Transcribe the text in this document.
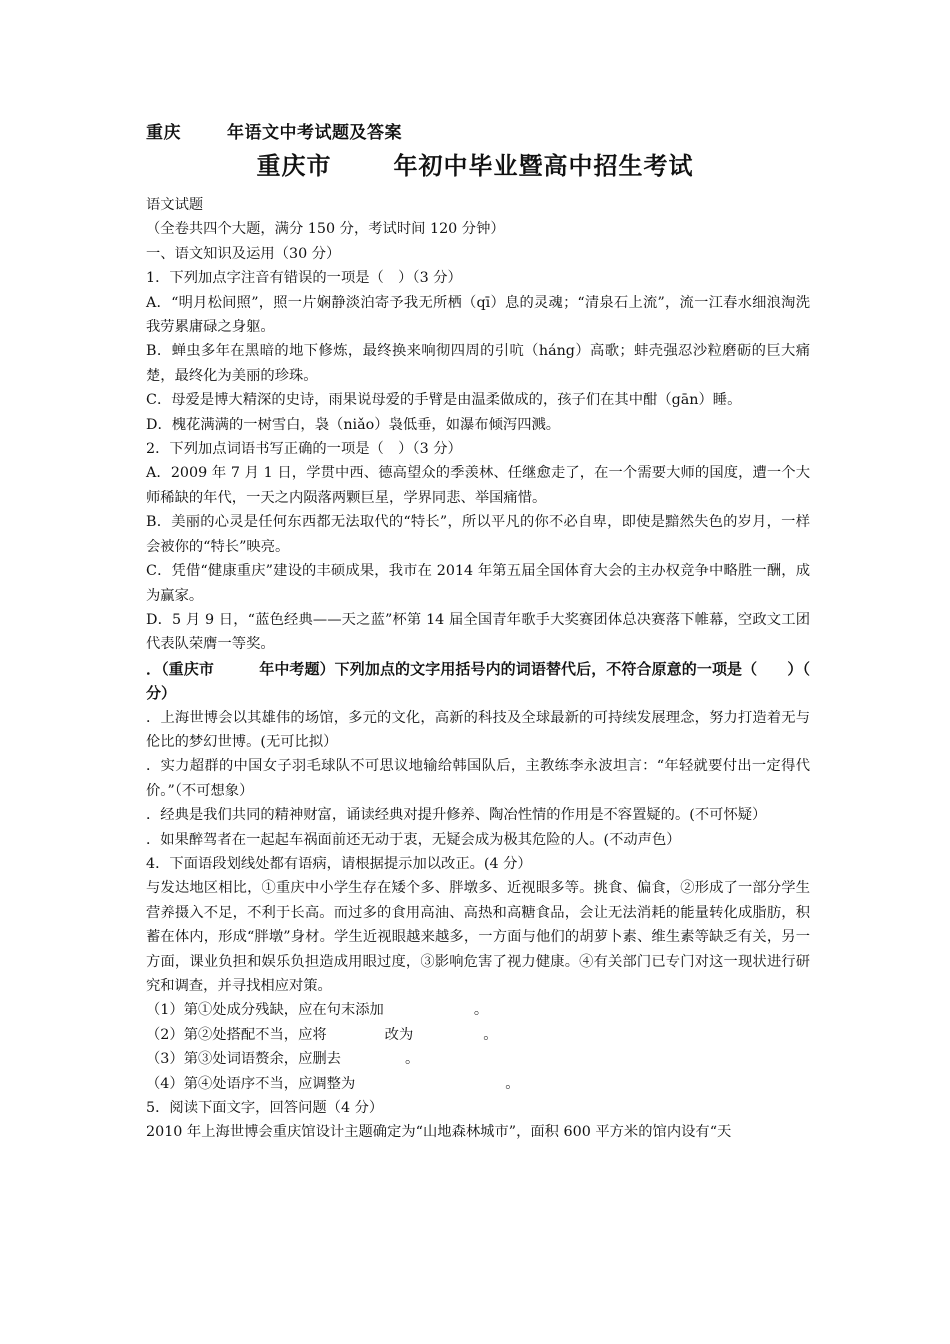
重庆	年语文中考试题及答案
重庆市	年初中毕业暨高中招生考试

语文试题

（全卷共四个大题，满分 150 分，考试时间 120 分钟）

一、语文知识及运用（30 分）

1．下列加点字注音有错误的一项是（　）（3 分）

A．“明月松间照”，照一片娴静淡泊寄予我无所栖（qī）息的灵魂；“清泉石上流”，流一江春水细浪淘洗我劳累庸碌之身躯。

B．蝉虫多年在黑暗的地下修炼，最终换来响彻四周的引吭（háng）高歌；蚌壳强忍沙粒磨砺的巨大痛楚，最终化为美丽的珍珠。

C．母爱是博大精深的史诗，雨果说母爱的手臂是由温柔做成的，孩子们在其中酣（gān）睡。

D．槐花满满的一树雪白，袅（niǎo）袅低垂，如瀑布倾泻四溅。

2．下列加点词语书写正确的一项是（　）（3 分）

A．2009 年 7 月 1 日，学贯中西、德高望众的季羡林、任继愈走了，在一个需要大师的国度，遭一个大师稀缺的年代，一天之内陨落两颗巨星，学界同悲、举国痛惜。

B．美丽的心灵是任何东西都无法取代的“特长”，所以平凡的你不必自卑，即使是黯然失色的岁月，一样会被你的“特长”映亮。

C．凭借“健康重庆”建设的丰硕成果，我市在 2014 年第五届全国体育大会的主办权竞争中略胜一酬，成为赢家。

D．5 月 9 日，“蓝色经典——天之蓝”杯第 14 届全国青年歌手大奖赛团体总决赛落下帷幕，空政文工团代表队荣膺一等奖。

．（重庆市　　　年中考题）下列加点的文字用括号内的词语替代后，不符合原意的一项是（　　）（　分）

．上海世博会以其雄伟的场馆，多元的文化，高新的科技及全球最新的可持续发展理念，努力打造着无与伦比的梦幻世博。(无可比拟）

．实力超群的中国女子羽毛球队不可思议地输给韩国队后，主教练李永波坦言：“年轻就要付出一定得代价。”（不可想象）

．经典是我们共同的精神财富，诵读经典对提升修养、陶冶性情的作用是不容置疑的。(不可怀疑）

．如果醉驾者在一起起车祸面前还无动于衷，无疑会成为极其危险的人。(不动声色）

4．下面语段划线处都有语病，请根据提示加以改正。(4 分）

与发达地区相比，①重庆中小学生存在矮个多、胖墩多、近视眼多等。挑食、偏食，②形成了一部分学生营养摄入不足，不利于长高。而过多的食用高油、高热和高糖食品，会让无法消耗的能量转化成脂肪，积蓄在体内，形成“胖墩”身材。学生近视眼越来越多，一方面与他们的胡萝卜素、维生素等缺乏有关，另一方面，课业负担和娱乐负担造成用眼过度，③影响危害了视力健康。④有关部门已专门对这一现状进行研究和调查，并寻找相应对策。

（1）第①处成分残缺，应在句末添加	。

（2）第②处搭配不当，应将	改为	。

（3）第③处词语赘余，应删去	。

（4）第④处语序不当，应调整为	。

5．阅读下面文字，回答问题（4 分）

2010 年上海世博会重庆馆设计主题确定为“山地森林城市”，面积 600 平方米的馆内设有“天
